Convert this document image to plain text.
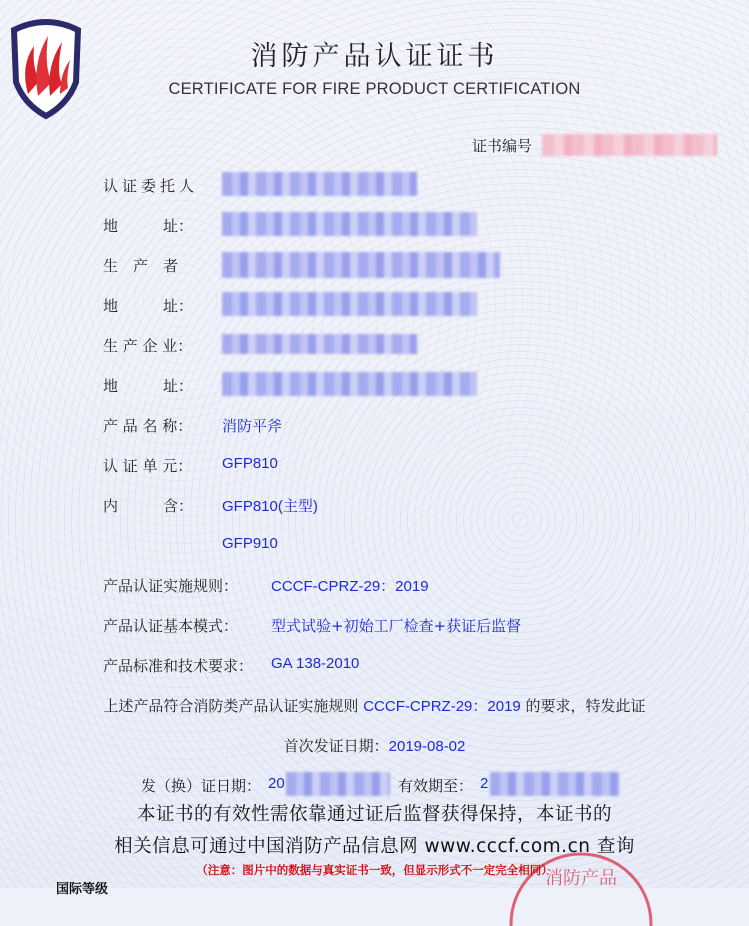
消防产品认证证书
CERTIFICATE FOR FIRE PRODUCT CERTIFICATION
证书编号
认证委托人
地　　　址：
生　产　者
地　　　址：
生 产 企 业：
地　　　址：
产 品 名 称： 消防平斧
认 证 单 元： GFP810
内　　　含： GFP810(主型)
GFP910
产品认证实施规则： CCCF-CPRZ-29：2019
产品认证基本模式： 型式试验+初始工厂检查+获证后监督
产品标准和技术要求： GA 138-2010
上述产品符合消防类产品认证实施规则 CCCF-CPRZ-29：2019 的要求，特发此证
首次发证日期：2019-08-02
发（换）证日期： 20	有效期至： 2
本证书的有效性需依靠通过证后监督获得保持，本证书的
相关信息可通过中国消防产品信息网 www.cccf.com.cn 查询
消防产品
（注意：图片中的数据与真实证书一致，但显示形式不一定完全相同）
国际等级
